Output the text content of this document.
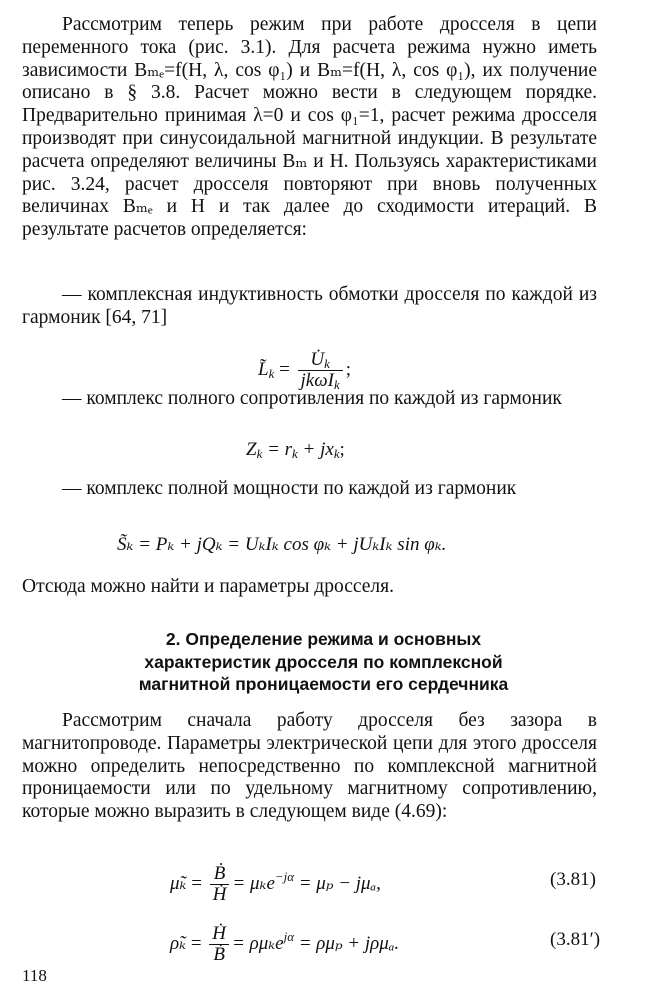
Рассмотрим теперь режим при работе дросселя в цепи переменного тока (рис. 3.1). Для расчета режима нужно иметь зависимости Bₘₑ=f(H, λ, cos φ₁) и Bₘ=f(H, λ, cos φ₁), их получение описано в § 3.8. Расчет можно вести в следующем порядке. Предварительно принимая λ=0 и cos φ₁=1, расчет режима дросселя производят при синусоидальной магнитной индукции. В результате расчета определяют величины Bₘ и H. Пользуясь характеристиками рис. 3.24, расчет дросселя повторяют при вновь полученных величинах Bₘₑ и H и так далее до сходимости итераций. В результате расчетов определяется:

— комплексная индуктивность обмотки дросселя по каждой из гармоник [64, 71]

$L̃_k = \frac{U̇_k}{jk\omega I_k}$ ;

— комплекс полного сопротивления по каждой из гармоник

$Z_k = r_k + jx_k$;

— комплекс полной мощности по каждой из гармоник

S̃ₖ = Pₖ + jQₖ = UₖIₖ cos φₖ + jUₖIₖ sin φₖ.

Отсюда можно найти и параметры дросселя.

2. Определение режима и основных
характеристик дросселя по комплексной
магнитной проницаемости его сердечника

Рассмотрим сначала работу дросселя без зазора в магнитопроводе. Параметры электрической цепи для этого дросселя можно определить непосредственно по комплексной магнитной проницаемости или по удельному магнитному сопротивлению, которые можно выразить в следующем виде (4.69):

μ̃ₖ = $\frac{Ḃ}{Ḣ} = \mu_ke^{-j\alpha} = \mu_p - j\mu_a$,	(3.81)
ρ̃ₖ = $\frac{Ḣ}{Ḃ} = \rho\mu_ke^{j\alpha} = \rho\mu_p + j\rho\mu_a$.	(3.81′)
118
